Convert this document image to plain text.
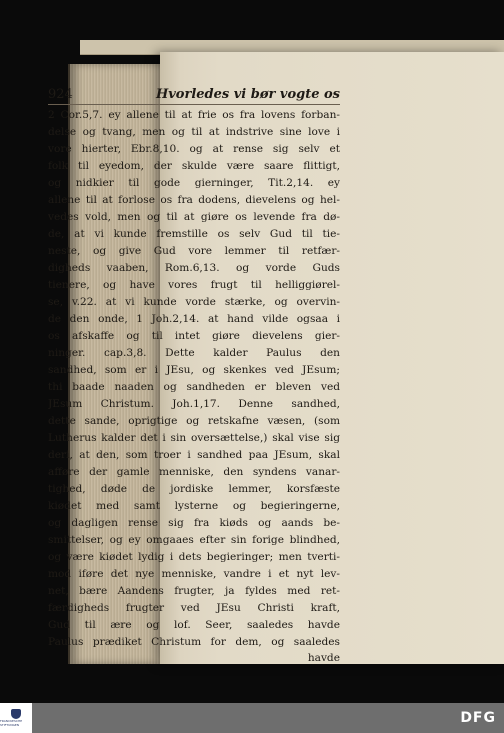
924	Hvorledes vi bør vogte os
2 Cor.5,7. ey allene til at frie os fra lovens forban-
delse og tvang, men og til at indstrive sine love i
vore hierter, Ebr.8,10. og at rense sig selv et
folk til eyedom, der skulde være saare flittigt,
og nidkier til gode gierninger, Tit.2,14. ey
allene til at forlose os fra dodens, dievelens og hel-
vedes vold, men og til at giøre os levende fra dø-
de, at vi kunde fremstille os selv Gud til tie-
neste, og give Gud vore lemmer til retfær-
digheds vaaben, Rom.6,13. og vorde Guds
tienere, og have vores frugt til helliggiørel-
se, v.22. at vi kunde vorde stærke, og overvin-
de den onde, 1 Joh.2,14. at hand vilde ogsaa i
os afskaffe og til intet giøre dievelens gier-
ninger. cap.3,8. Dette kalder Paulus den
sandhed, som er i JEsu, og skenkes ved JEsum;
thi baade naaden og sandheden er bleven ved
JEsum Christum. Joh.1,17. Denne sandhed,
dette sande, oprigtige og retskafne væsen, (som
Lutherus kalder det i sin oversættelse,) skal vise sig
deri, at den, som troer i sandhed paa JEsum, skal
afføre der gamle menniske, den syndens vanar-
tighed, døde de jordiske lemmer, korsfæste
kiødet med samt lysterne og begieringerne,
og dagligen rense sig fra kiøds og aands be-
smittelser, og ey omgaaes efter sin forige blindhed,
og være kiødet lydig i dets begieringer; men tverti-
mod iføre det nye menniske, vandre i et nyt lev-
net, bære Aandens frugter, ja fyldes med ret-
færdigheds frugter ved JEsu Christi kraft,
Gud til ære og lof. Seer, saaledes havde
Paulus prædiket Christum for dem, og saaledes
havde
FRANCKESCHE STIFTUNGEN	DFG
